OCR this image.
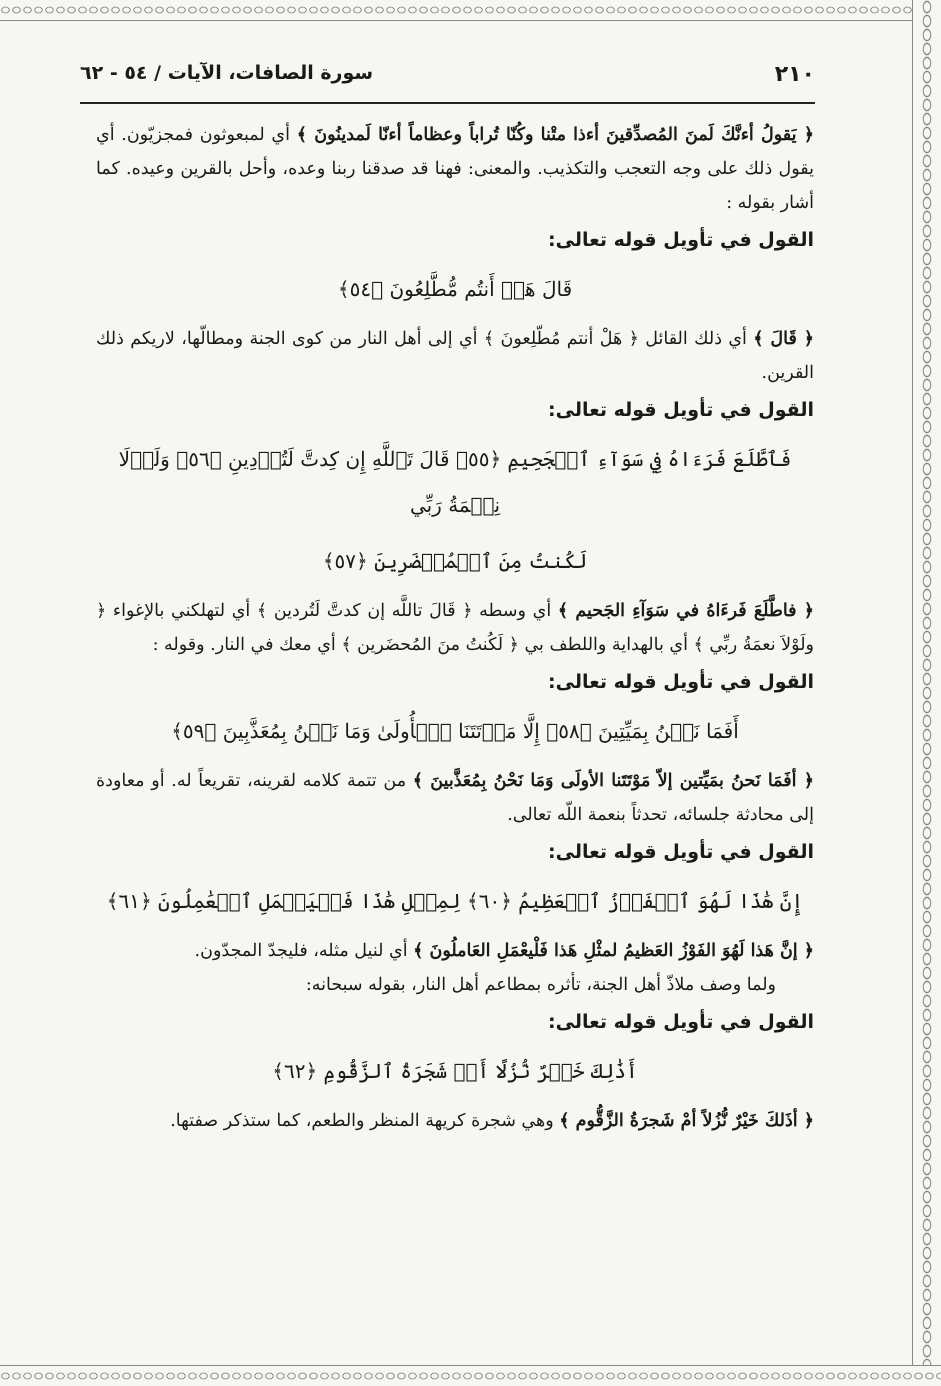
٢١٠
سورة الصافات، الآيات / ٥٤ - ٦٢

﴿ يَقولُ أءنَّكَ لَمنَ المُصدِّقينَ أءذا متْنا وكُنّا تُراباً وعظاماً أءنّا لَمدينُونَ ﴾ أي لمبعوثون فمجزيّون. أي يقول ذلك على وجه التعجب والتكذيب. والمعنى: فهنا قد صدقنا ربنا وعده، وأحل بالقرين وعيده. كما أشار بقوله :

القول في تأويل قوله تعالى:

قَالَ هَلۡ أَنتُم مُّطَّلِعُونَ ﴿٥٤﴾

﴿ قَالَ ﴾ أي ذلك القائل ﴿ هَلْ أنتم مُطّلِعونَ ﴾ أي إلى أهل النار من كوى الجنة ومطالّها، لاريكم ذلك القرين.

القول في تأويل قوله تعالى:

فَٱطَّلَعَ فَرَءَاهُ فِي سَوَآءِ ٱلۡجَحِيمِ ﴿٥٥﴾ قَالَ تَٱللَّهِ إِن كِدتَّ لَتُرۡدِينِ ﴿٥٦﴾ وَلَوۡلَا نِعۡمَةُ رَبِّي

لَكُنتُ مِنَ ٱلۡمُحۡضَرِينَ ﴿٥٧﴾

﴿ فاطَّلَعَ فَرءَاهُ في سَوَآءِ الجَحيم ﴾ أي وسطه ﴿ قَالَ تاللَّه إن كدتَّ لَتُردين ﴾ أي لتهلكني بالإغواء ﴿ ولَوْلاَ نعمَةُ ربِّي ﴾ أي بالهداية واللطف بي ﴿ لَكُنتُ منَ المُحضَرين ﴾ أي معك في النار. وقوله :

القول في تأويل قوله تعالى:

أَفَمَا نَحۡنُ بِمَيِّتِينَ ﴿٥٨﴾ إِلَّا مَوۡتَتَنَا ٱلۡأُولَىٰ وَمَا نَحۡنُ بِمُعَذَّبِينَ ﴿٥٩﴾

﴿ أفَمَا نَحنُ بمَيِّتين إلاّ مَوْتَتَنا الأولَى وَمَا نَحْنُ بِمُعَذَّبينَ ﴾ من تتمة كلامه لقرينه، تقريعاً له. أو معاودة إلى محادثة جلسائه، تحدثاً بنعمة اللّه تعالى.

القول في تأويل قوله تعالى:

إِنَّ هَٰذَا لَهُوَ ٱلۡفَوۡزُ ٱلۡعَظِيمُ ﴿٦٠﴾ لِمِثۡلِ هَٰذَا فَلۡيَعۡمَلِ ٱلۡعَٰمِلُونَ ﴿٦١﴾

﴿ إنَّ هَذا لَهُوَ الفَوْزُ العَظيمُ لمثْلِ هَذا فَلْيعْمَلِ العَاملُونَ ﴾ أي لنيل مثله، فليجدّ المجدّون.

ولما وصف ملاذّ أهل الجنة، تأثره بمطاعم أهل النار، بقوله سبحانه:

القول في تأويل قوله تعالى:

أَذَٰلِكَ خَيۡرٌ نُّزُلًا أَمۡ شَجَرَةُ ٱلزَّقُّومِ ﴿٦٢﴾

﴿ أذَلكَ خَيْرٌ نُّزُلاً أمْ شَجرَةُ الزَّقُّوم ﴾ وهي شجرة كريهة المنظر والطعم، كما ستذكر صفتها.
